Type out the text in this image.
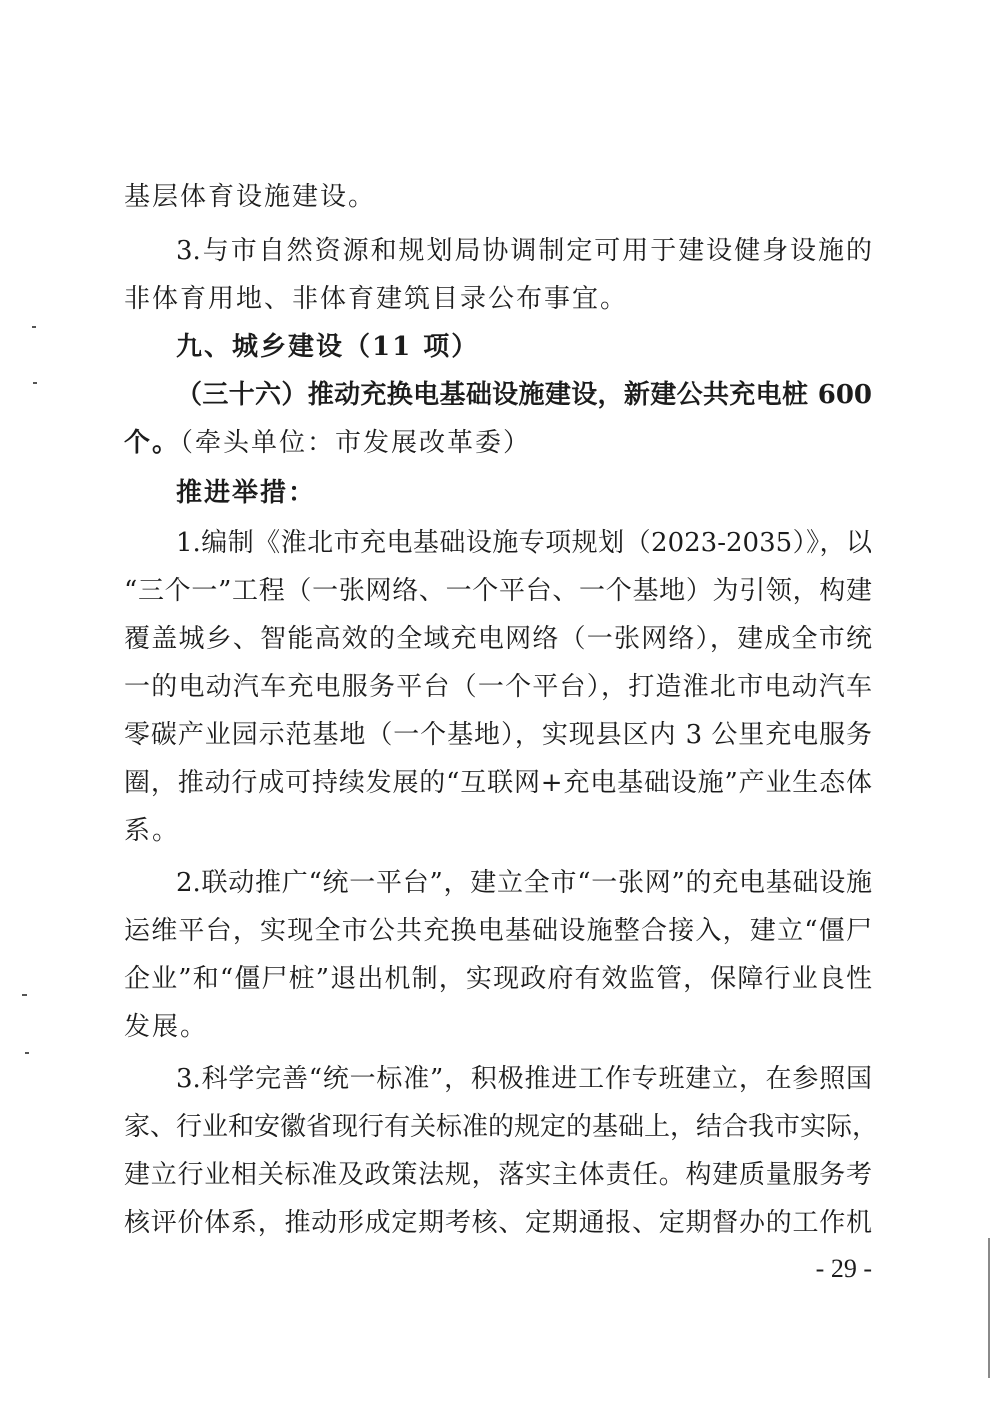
基层体育设施建设。
3.与市自然资源和规划局协调制定可用于建设健身设施的
非体育用地、非体育建筑目录公布事宜。
九、城乡建设（11 项）
（三十六）推动充换电基础设施建设，新建公共充电桩 600
个。（牵头单位：市发展改革委）
推进举措：
1.编制《淮北市充电基础设施专项规划（2023-2035）》，以
“三个一”工程（一张网络、一个平台、一个基地）为引领，构建
覆盖城乡、智能高效的全域充电网络（一张网络），建成全市统
一的电动汽车充电服务平台（一个平台），打造淮北市电动汽车
零碳产业园示范基地（一个基地），实现县区内 3 公里充电服务
圈，推动行成可持续发展的“互联网+充电基础设施”产业生态体
系。
2.联动推广“统一平台”，建立全市“一张网”的充电基础设施
运维平台，实现全市公共充换电基础设施整合接入，建立“僵尸
企业”和“僵尸桩”退出机制，实现政府有效监管，保障行业良性
发展。
3.科学完善“统一标准”，积极推进工作专班建立，在参照国
家、行业和安徽省现行有关标准的规定的基础上，结合我市实际，
建立行业相关标准及政策法规，落实主体责任。构建质量服务考
核评价体系，推动形成定期考核、定期通报、定期督办的工作机
- 29 -
